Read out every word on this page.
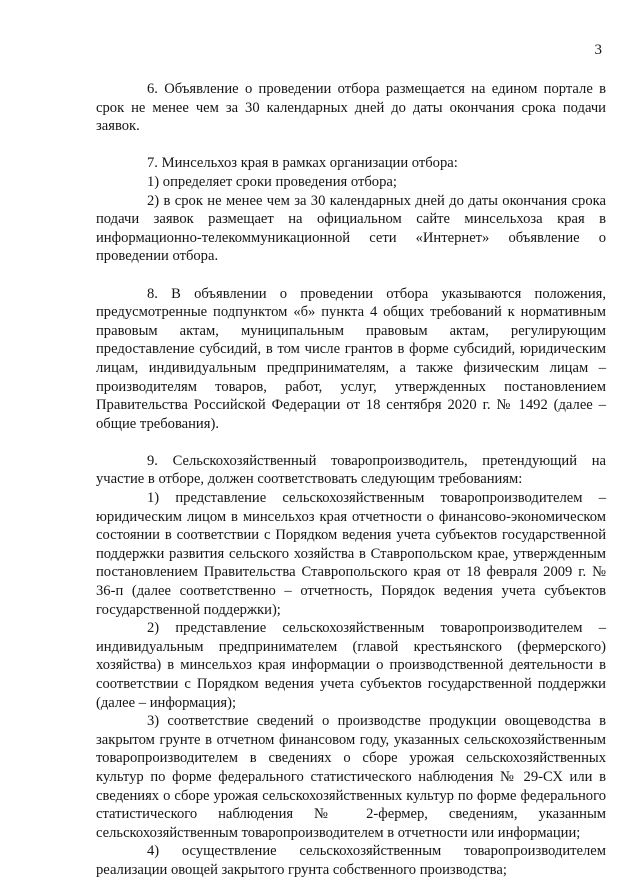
3

6. Объявление о проведении отбора размещается на едином портале в срок не менее чем за 30 календарных дней до даты окончания срока подачи заявок.

7. Минсельхоз края в рамках организации отбора:

1) определяет сроки проведения отбора;

2) в срок не менее чем за 30 календарных дней до даты окончания срока подачи заявок размещает на официальном сайте минсельхоза края в информационно-телекоммуникационной сети «Интернет» объявление о проведении отбора.

8. В объявлении о проведении отбора указываются положения, предусмотренные подпунктом «б» пункта 4 общих требований к нормативным правовым актам, муниципальным правовым актам, регулирующим предоставление субсидий, в том числе грантов в форме субсидий, юридическим лицам, индивидуальным предпринимателям, а также физическим лицам – производителям товаров, работ, услуг, утвержденных постановлением Правительства Российской Федерации от 18 сентября 2020 г. № 1492 (далее – общие требования).

9. Сельскохозяйственный товаропроизводитель, претендующий на участие в отборе, должен соответствовать следующим требованиям:

1) представление сельскохозяйственным товаропроизводителем – юридическим лицом в минсельхоз края отчетности о финансово-экономическом состоянии в соответствии с Порядком ведения учета субъектов государственной поддержки развития сельского хозяйства в Ставропольском крае, утвержденным постановлением Правительства Ставропольского края от 18 февраля 2009 г. № 36-п (далее соответственно – отчетность, Порядок ведения учета субъектов государственной поддержки);

2) представление сельскохозяйственным товаропроизводителем – индивидуальным предпринимателем (главой крестьянского (фермерского) хозяйства) в минсельхоз края информации о производственной деятельности в соответствии с Порядком ведения учета субъектов государственной поддержки (далее – информация);

3) соответствие сведений о производстве продукции овощеводства в закрытом грунте в отчетном финансовом году, указанных сельскохозяйственным товаропроизводителем в сведениях о сборе урожая сельскохозяйственных культур по форме федерального статистического наблюдения № 29-СХ или в сведениях о сборе урожая сельскохозяйственных культур по форме федерального статистического наблюдения № 2-фермер, сведениям, указанным сельскохозяйственным товаропроизводителем в отчетности или информации;

4) осуществление сельскохозяйственным товаропроизводителем реализации овощей закрытого грунта собственного производства;
